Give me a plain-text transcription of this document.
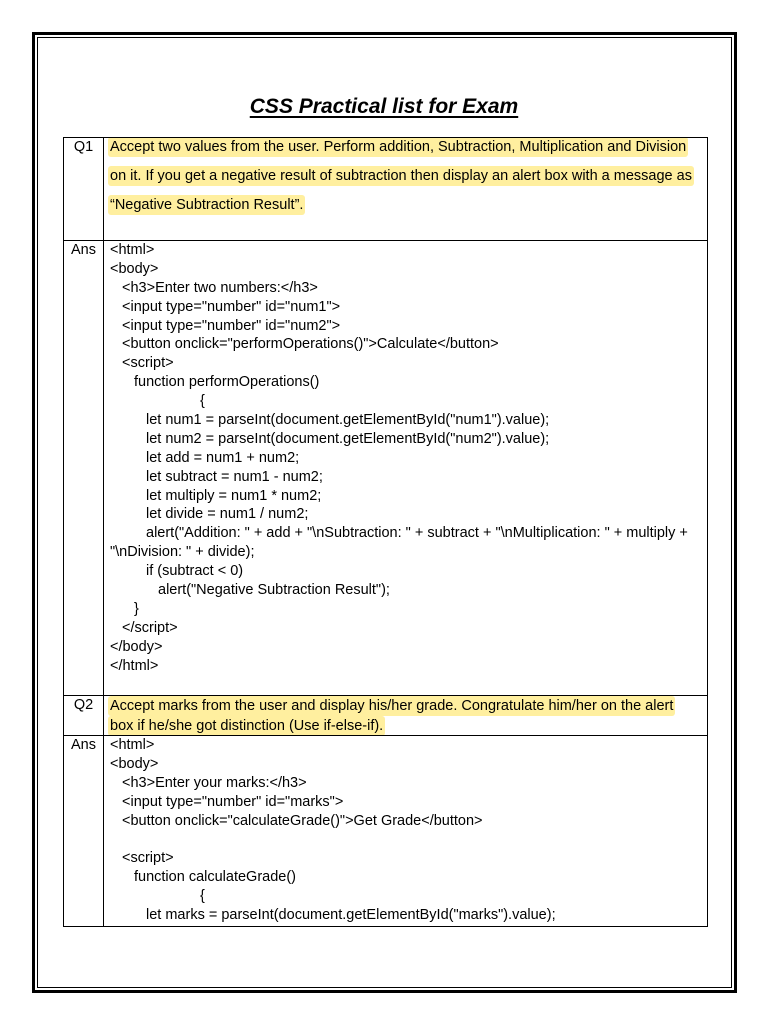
CSS Practical list for Exam
Q1	Accept two values from the user. Perform addition, Subtraction, Multiplication and Division
on it. If you get a negative result of subtraction then display an alert box with a message as
“Negative Subtraction Result”.
Ans <html>
<body>
<h3>Enter two numbers:</h3>
<input type="number" id="num1">
<input type="number" id="num2">
<button onclick="performOperations()">Calculate</button>
<script>
function performOperations()
{
let num1 = parseInt(document.getElementById("num1").value);
let num2 = parseInt(document.getElementById("num2").value);
let add = num1 + num2;
let subtract = num1 - num2;
let multiply = num1 * num2;
let divide = num1 / num2;
alert("Addition: " + add + "\nSubtraction: " + subtract + "\nMultiplication: " + multiply +
"\nDivision: " + divide);
if (subtract < 0)
alert("Negative Subtraction Result");
}
</script>
</body>
</html>
Q2	Accept marks from the user and display his/her grade. Congratulate him/her on the alert
box if he/she got distinction (Use if-else-if).
Ans <html>
<body>
<h3>Enter your marks:</h3>
<input type="number" id="marks">
<button onclick="calculateGrade()">Get Grade</button>
<script>
function calculateGrade()
{
let marks = parseInt(document.getElementById("marks").value);
